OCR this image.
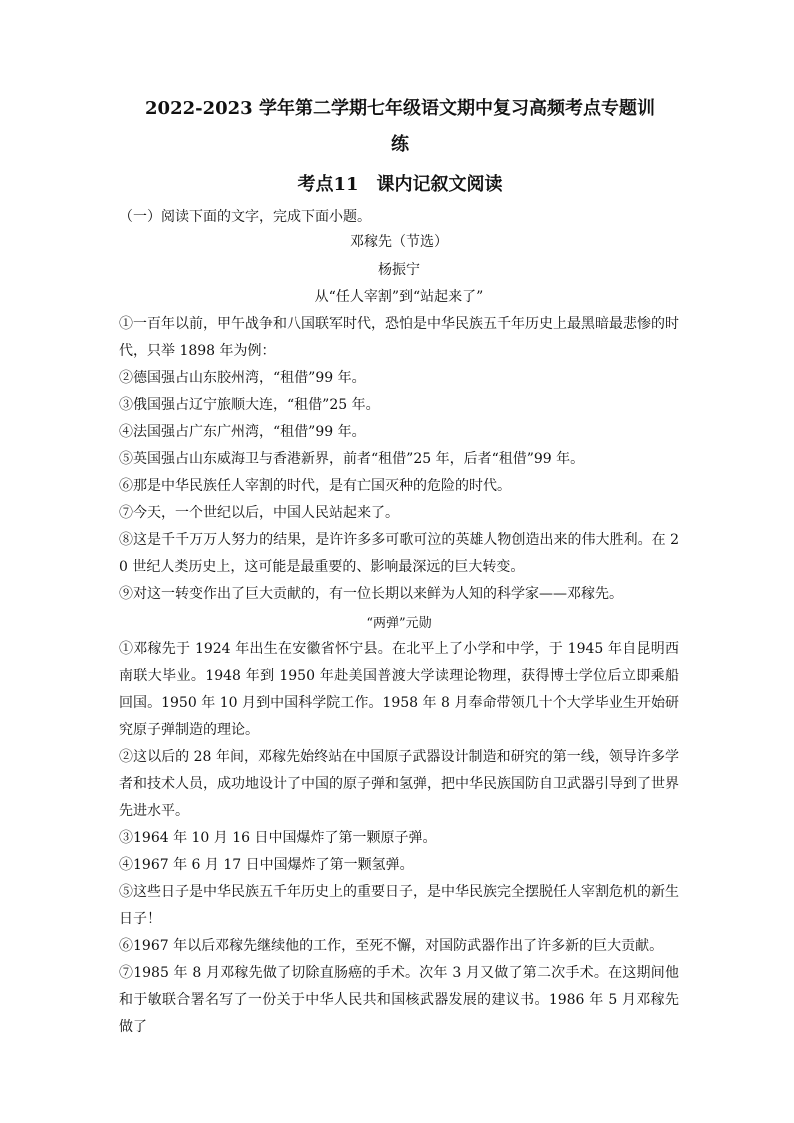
2022-2023 学年第二学期七年级语文期中复习高频考点专题训
练
考点11　课内记叙文阅读
（一）阅读下面的文字，完成下面小题。
邓稼先（节选）
杨振宁
从“任人宰割”到“站起来了”
①一百年以前，甲午战争和八国联军时代，恐怕是中华民族五千年历史上最黑暗最悲惨的时代，只举 1898 年为例：
②德国强占山东胶州湾，“租借”99 年。
③俄国强占辽宁旅顺大连，“租借”25 年。
④法国强占广东广州湾，“租借”99 年。
⑤英国强占山东威海卫与香港新界，前者“租借”25 年，后者“租借”99 年。
⑥那是中华民族任人宰割的时代，是有亡国灭种的危险的时代。
⑦今天，一个世纪以后，中国人民站起来了。
⑧这是千千万万人努力的结果，是许许多多可歌可泣的英雄人物创造出来的伟大胜利。在 20 世纪人类历史上，这可能是最重要的、影响最深远的巨大转变。
⑨对这一转变作出了巨大贡献的，有一位长期以来鲜为人知的科学家——邓稼先。
“两弹”元勋
①邓稼先于 1924 年出生在安徽省怀宁县。在北平上了小学和中学，于 1945 年自昆明西南联大毕业。1948 年到 1950 年赴美国普渡大学读理论物理，获得博士学位后立即乘船回国。1950 年 10 月到中国科学院工作。1958 年 8 月奉命带领几十个大学毕业生开始研究原子弹制造的理论。
②这以后的 28 年间，邓稼先始终站在中国原子武器设计制造和研究的第一线，领导许多学者和技术人员，成功地设计了中国的原子弹和氢弹，把中华民族国防自卫武器引导到了世界先进水平。
③1964 年 10 月 16 日中国爆炸了第一颗原子弹。
④1967 年 6 月 17 日中国爆炸了第一颗氢弹。
⑤这些日子是中华民族五千年历史上的重要日子，是中华民族完全摆脱任人宰割危机的新生日子！
⑥1967 年以后邓稼先继续他的工作，至死不懈，对国防武器作出了许多新的巨大贡献。
⑦1985 年 8 月邓稼先做了切除直肠癌的手术。次年 3 月又做了第二次手术。在这期间他和于敏联合署名写了一份关于中华人民共和国核武器发展的建议书。1986 年 5 月邓稼先做了
